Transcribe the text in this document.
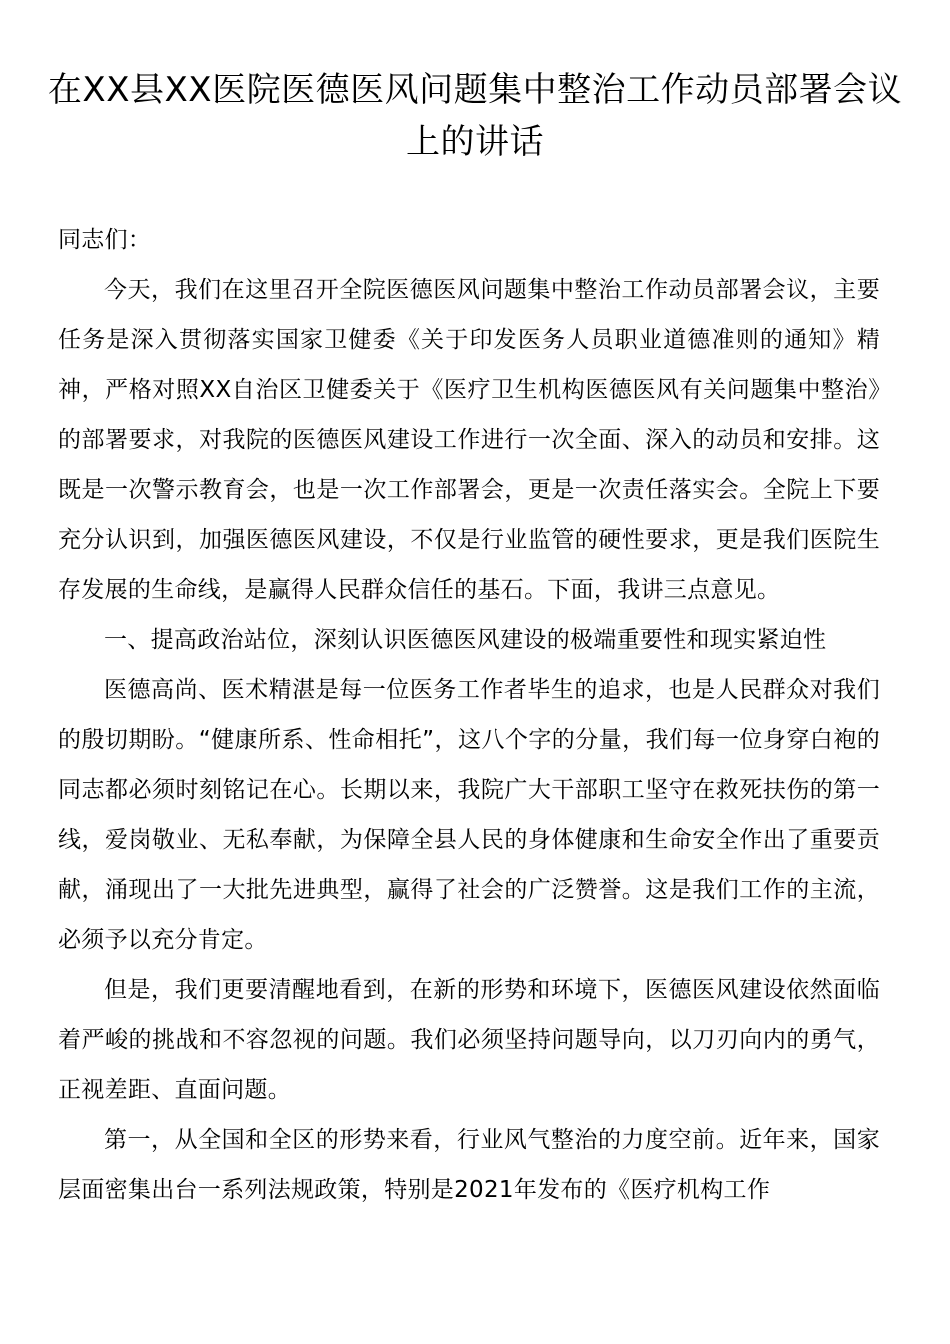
在XX县XX医院医德医风问题集中整治工作动员部署会议上的讲话

同志们：

今天，我们在这里召开全院医德医风问题集中整治工作动员部署会议，主要任务是深入贯彻落实国家卫健委《关于印发医务人员职业道德准则的通知》精神，严格对照XX自治区卫健委关于《医疗卫生机构医德医风有关问题集中整治》的部署要求，对我院的医德医风建设工作进行一次全面、深入的动员和安排。这既是一次警示教育会，也是一次工作部署会，更是一次责任落实会。全院上下要充分认识到，加强医德医风建设，不仅是行业监管的硬性要求，更是我们医院生存发展的生命线，是赢得人民群众信任的基石。下面，我讲三点意见。

一、提高政治站位，深刻认识医德医风建设的极端重要性和现实紧迫性

医德高尚、医术精湛是每一位医务工作者毕生的追求，也是人民群众对我们的殷切期盼。“健康所系、性命相托”，这八个字的分量，我们每一位身穿白袍的同志都必须时刻铭记在心。长期以来，我院广大干部职工坚守在救死扶伤的第一线，爱岗敬业、无私奉献，为保障全县人民的身体健康和生命安全作出了重要贡献，涌现出了一大批先进典型，赢得了社会的广泛赞誉。这是我们工作的主流，必须予以充分肯定。

但是，我们更要清醒地看到，在新的形势和环境下，医德医风建设依然面临着严峻的挑战和不容忽视的问题。我们必须坚持问题导向，以刀刃向内的勇气，正视差距、直面问题。

第一，从全国和全区的形势来看，行业风气整治的力度空前。近年来，国家层面密集出台一系列法规政策，特别是2021年发布的《医疗机构工作
